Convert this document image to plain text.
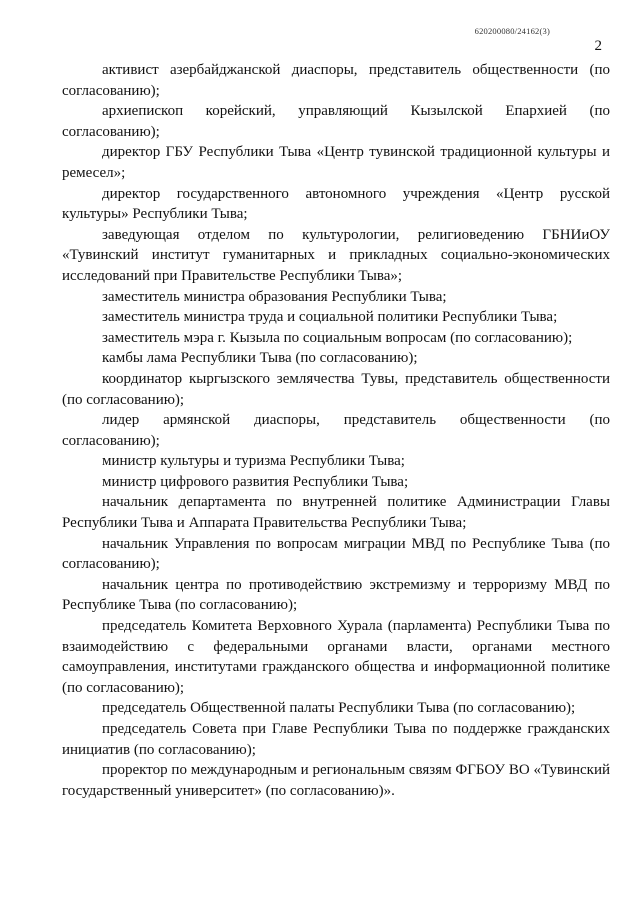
620200080/24162(3)
2

активист азербайджанской диаспоры, представитель общественности (по согласованию);

архиепископ корейский, управляющий Кызылской Епархией (по согласованию);

директор ГБУ Республики Тыва «Центр тувинской традиционной культуры и ремесел»;

директор государственного автономного учреждения «Центр русской культуры» Республики Тыва;

заведующая отделом по культурологии, религиоведению ГБНИиОУ «Тувинский институт гуманитарных и прикладных социально-экономических исследований при Правительстве Республики Тыва»;

заместитель министра образования Республики Тыва;

заместитель министра труда и социальной политики Республики Тыва;

заместитель мэра г. Кызыла по социальным вопросам (по согласованию);

камбы лама Республики Тыва (по согласованию);

координатор кыргызского землячества Тувы, представитель общественности (по согласованию);

лидер армянской диаспоры, представитель общественности (по согласованию);

министр культуры и туризма Республики Тыва;

министр цифрового развития Республики Тыва;

начальник департамента по внутренней политике Администрации Главы Республики Тыва и Аппарата Правительства Республики Тыва;

начальник Управления по вопросам миграции МВД по Республике Тыва (по согласованию);

начальник центра по противодействию экстремизму и терроризму МВД по Республике Тыва (по согласованию);

председатель Комитета Верховного Хурала (парламента) Республики Тыва по взаимодействию с федеральными органами власти, органами местного самоуправления, институтами гражданского общества и информационной политике (по согласованию);

председатель Общественной палаты Республики Тыва (по согласованию);

председатель Совета при Главе Республики Тыва по поддержке гражданских инициатив (по согласованию);

проректор по международным и региональным связям ФГБОУ ВО «Тувинский государственный университет» (по согласованию)».
